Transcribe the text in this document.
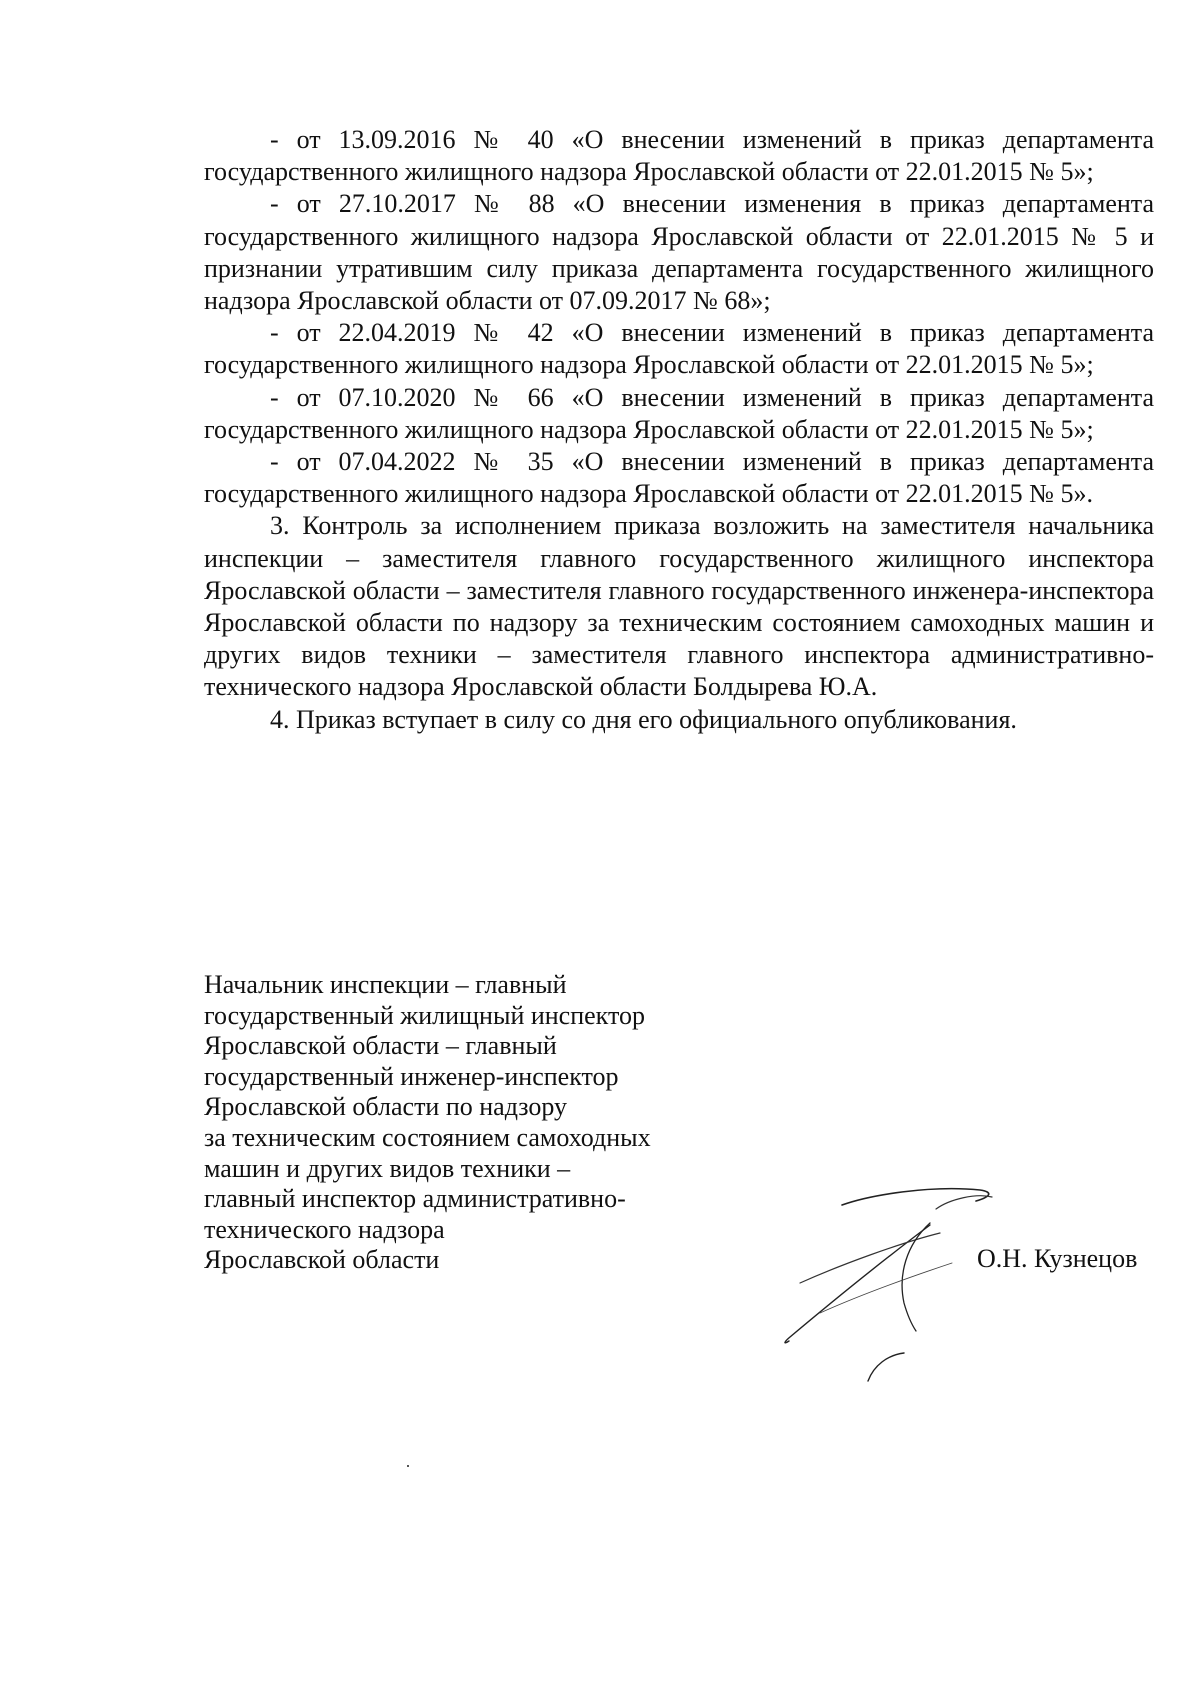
- от 13.09.2016 № 40 «О внесении изменений в приказ департамента государственного жилищного надзора Ярославской области от 22.01.2015 № 5»;

- от 27.10.2017 № 88 «О внесении изменения в приказ департамента государственного жилищного надзора Ярославской области от 22.01.2015 № 5 и признании утратившим силу приказа департамента государственного жилищного надзора Ярославской области от 07.09.2017 № 68»;

- от 22.04.2019 № 42 «О внесении изменений в приказ департамента государственного жилищного надзора Ярославской области от 22.01.2015 № 5»;

- от 07.10.2020 № 66 «О внесении изменений в приказ департамента государственного жилищного надзора Ярославской области от 22.01.2015 № 5»;

- от 07.04.2022 № 35 «О внесении изменений в приказ департамента государственного жилищного надзора Ярославской области от 22.01.2015 № 5».

3. Контроль за исполнением приказа возложить на заместителя начальника инспекции – заместителя главного государственного жилищного инспектора Ярославской области – заместителя главного государственного инженера-инспектора Ярославской области по надзору за техническим состоянием самоходных машин и других видов техники – заместителя главного инспектора административно-технического надзора Ярославской области Болдырева Ю.А.

4. Приказ вступает в силу со дня его официального опубликования.

Начальник инспекции – главный
государственный жилищный инспектор
Ярославской области – главный
государственный инженер-инспектор
Ярославской области по надзору
за техническим состоянием самоходных
машин и других видов техники –
главный инспектор административно-
технического надзора
Ярославской области	О.Н. Кузнецов
